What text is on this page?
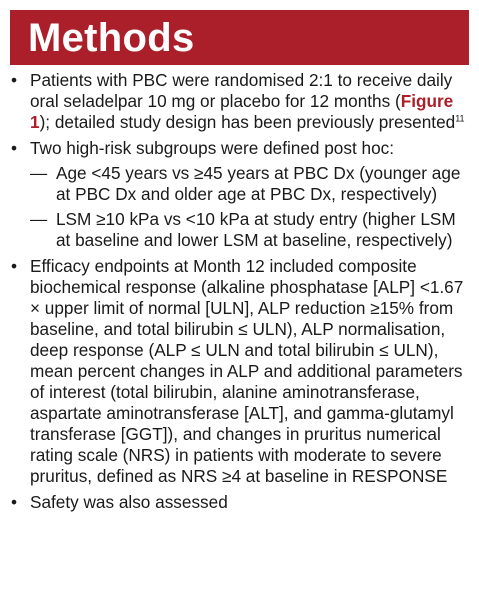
Methods
• Patients with PBC were randomised 2:1 to receive daily oral seladelpar 10 mg or placebo for 12 months (Figure 1); detailed study design has been previously presented$^{11}$
• Two high-risk subgroups were defined post hoc:
— Age <45 years vs ≥45 years at PBC Dx (younger age at PBC Dx and older age at PBC Dx, respectively)
— LSM ≥10 kPa vs <10 kPa at study entry (higher LSM at baseline and lower LSM at baseline, respectively)
• Efficacy endpoints at Month 12 included composite biochemical response (alkaline phosphatase [ALP] <1.67 × upper limit of normal [ULN], ALP reduction ≥15% from baseline, and total bilirubin ≤ ULN), ALP normalisation, deep response (ALP ≤ ULN and total bilirubin ≤ ULN), mean percent changes in ALP and additional parameters of interest (total bilirubin, alanine aminotransferase, aspartate aminotransferase [ALT], and gamma-glutamyl transferase [GGT]), and changes in pruritus numerical rating scale (NRS) in patients with moderate to severe pruritus, defined as NRS ≥4 at baseline in RESPONSE
• Safety was also assessed
